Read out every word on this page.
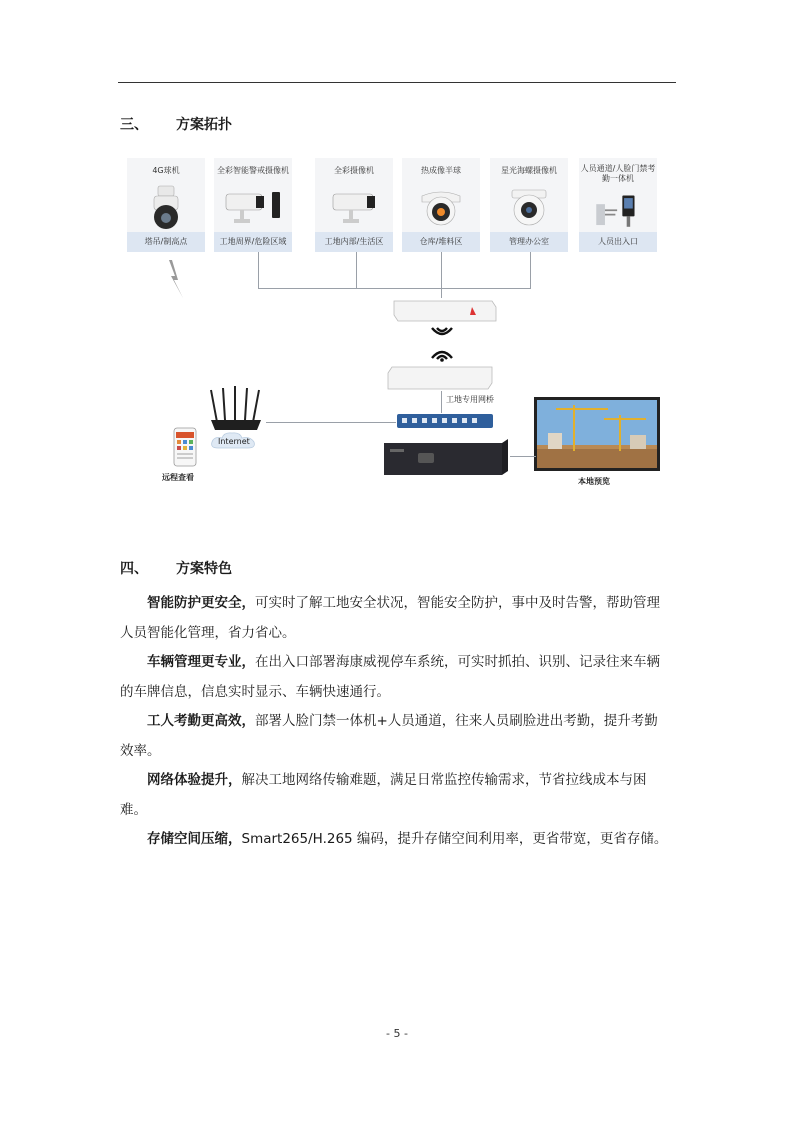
三、 方案拓扑
4G球机
塔吊/制高点
全彩智能警戒摄像机
工地周界/危险区域
全彩摄像机
工地内部/生活区
热成像半球
仓库/堆料区
星光海螺摄像机
管理办公室
人员通道/人脸门禁考勤一体机
人员出入口
工地专用网桥
Internet
远程查看	本地预览
四、 方案特色

智能防护更安全，可实时了解工地安全状况，智能安全防护，事中及时告警，帮助管理人员智能化管理，省力省心。

车辆管理更专业，在出入口部署海康威视停车系统，可实时抓拍、识别、记录往来车辆的车牌信息，信息实时显示、车辆快速通行。

工人考勤更高效，部署人脸门禁一体机+人员通道，往来人员刷脸进出考勤，提升考勤效率。

网络体验提升，解决工地网络传输难题，满足日常监控传输需求，节省拉线成本与困难。

存储空间压缩，Smart265/H.265 编码，提升存储空间利用率，更省带宽，更省存储。

- 5 -
